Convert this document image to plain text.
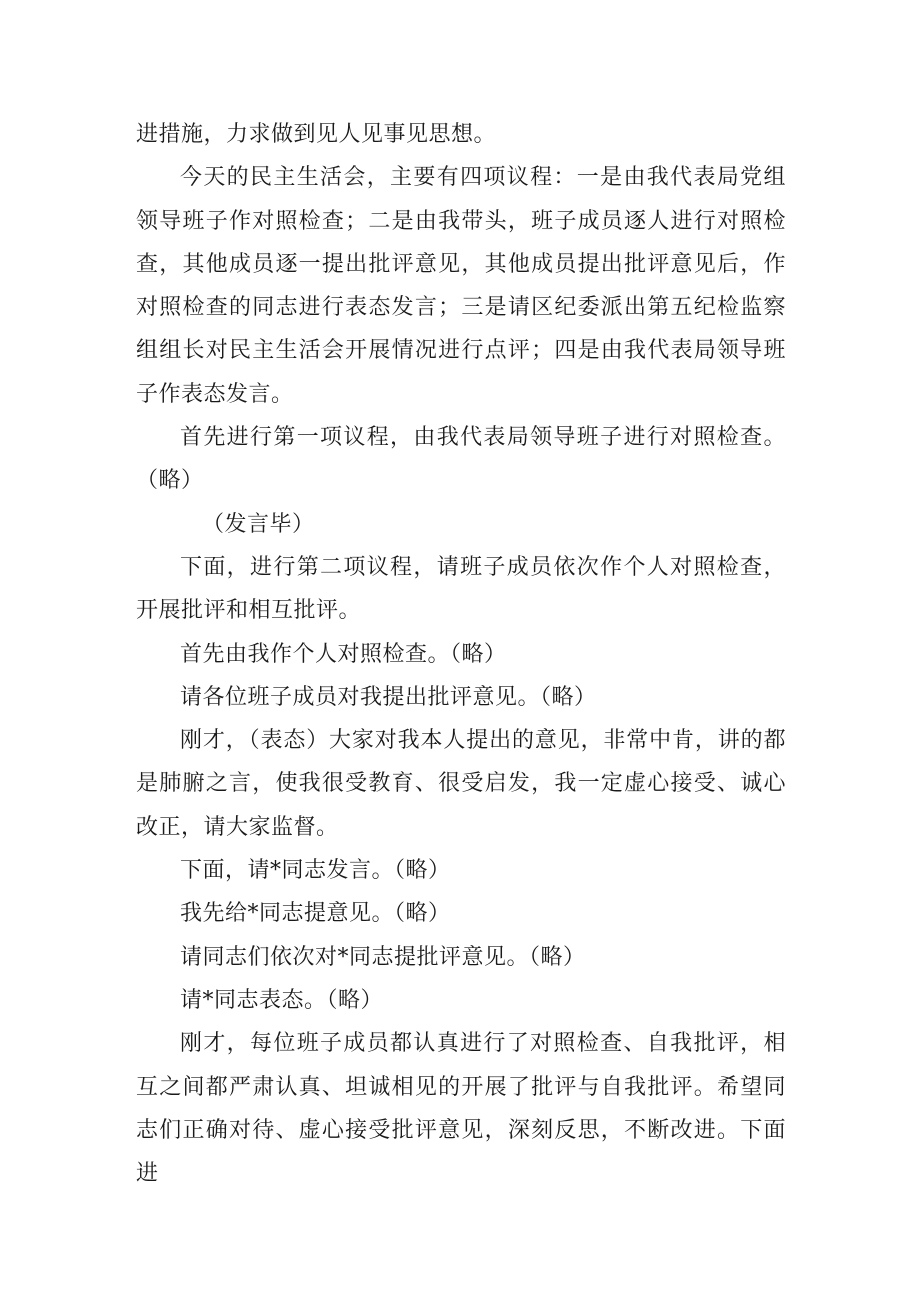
进措施，力求做到见人见事见思想。

今天的民主生活会，主要有四项议程：一是由我代表局党组领导班子作对照检查；二是由我带头，班子成员逐人进行对照检查，其他成员逐一提出批评意见，其他成员提出批评意见后，作对照检查的同志进行表态发言；三是请区纪委派出第五纪检监察组组长对民主生活会开展情况进行点评；四是由我代表局领导班子作表态发言。

首先进行第一项议程，由我代表局领导班子进行对照检查。（略）

（发言毕）

下面，进行第二项议程，请班子成员依次作个人对照检查，开展批评和相互批评。

首先由我作个人对照检查。（略）

请各位班子成员对我提出批评意见。（略）

刚才，（表态）大家对我本人提出的意见，非常中肯，讲的都是肺腑之言，使我很受教育、很受启发，我一定虚心接受、诚心改正，请大家监督。

下面，请*同志发言。（略）

我先给*同志提意见。（略）

请同志们依次对*同志提批评意见。（略）

请*同志表态。（略）

刚才，每位班子成员都认真进行了对照检查、自我批评，相互之间都严肃认真、坦诚相见的开展了批评与自我批评。希望同志们正确对待、虚心接受批评意见，深刻反思，不断改进。下面进
